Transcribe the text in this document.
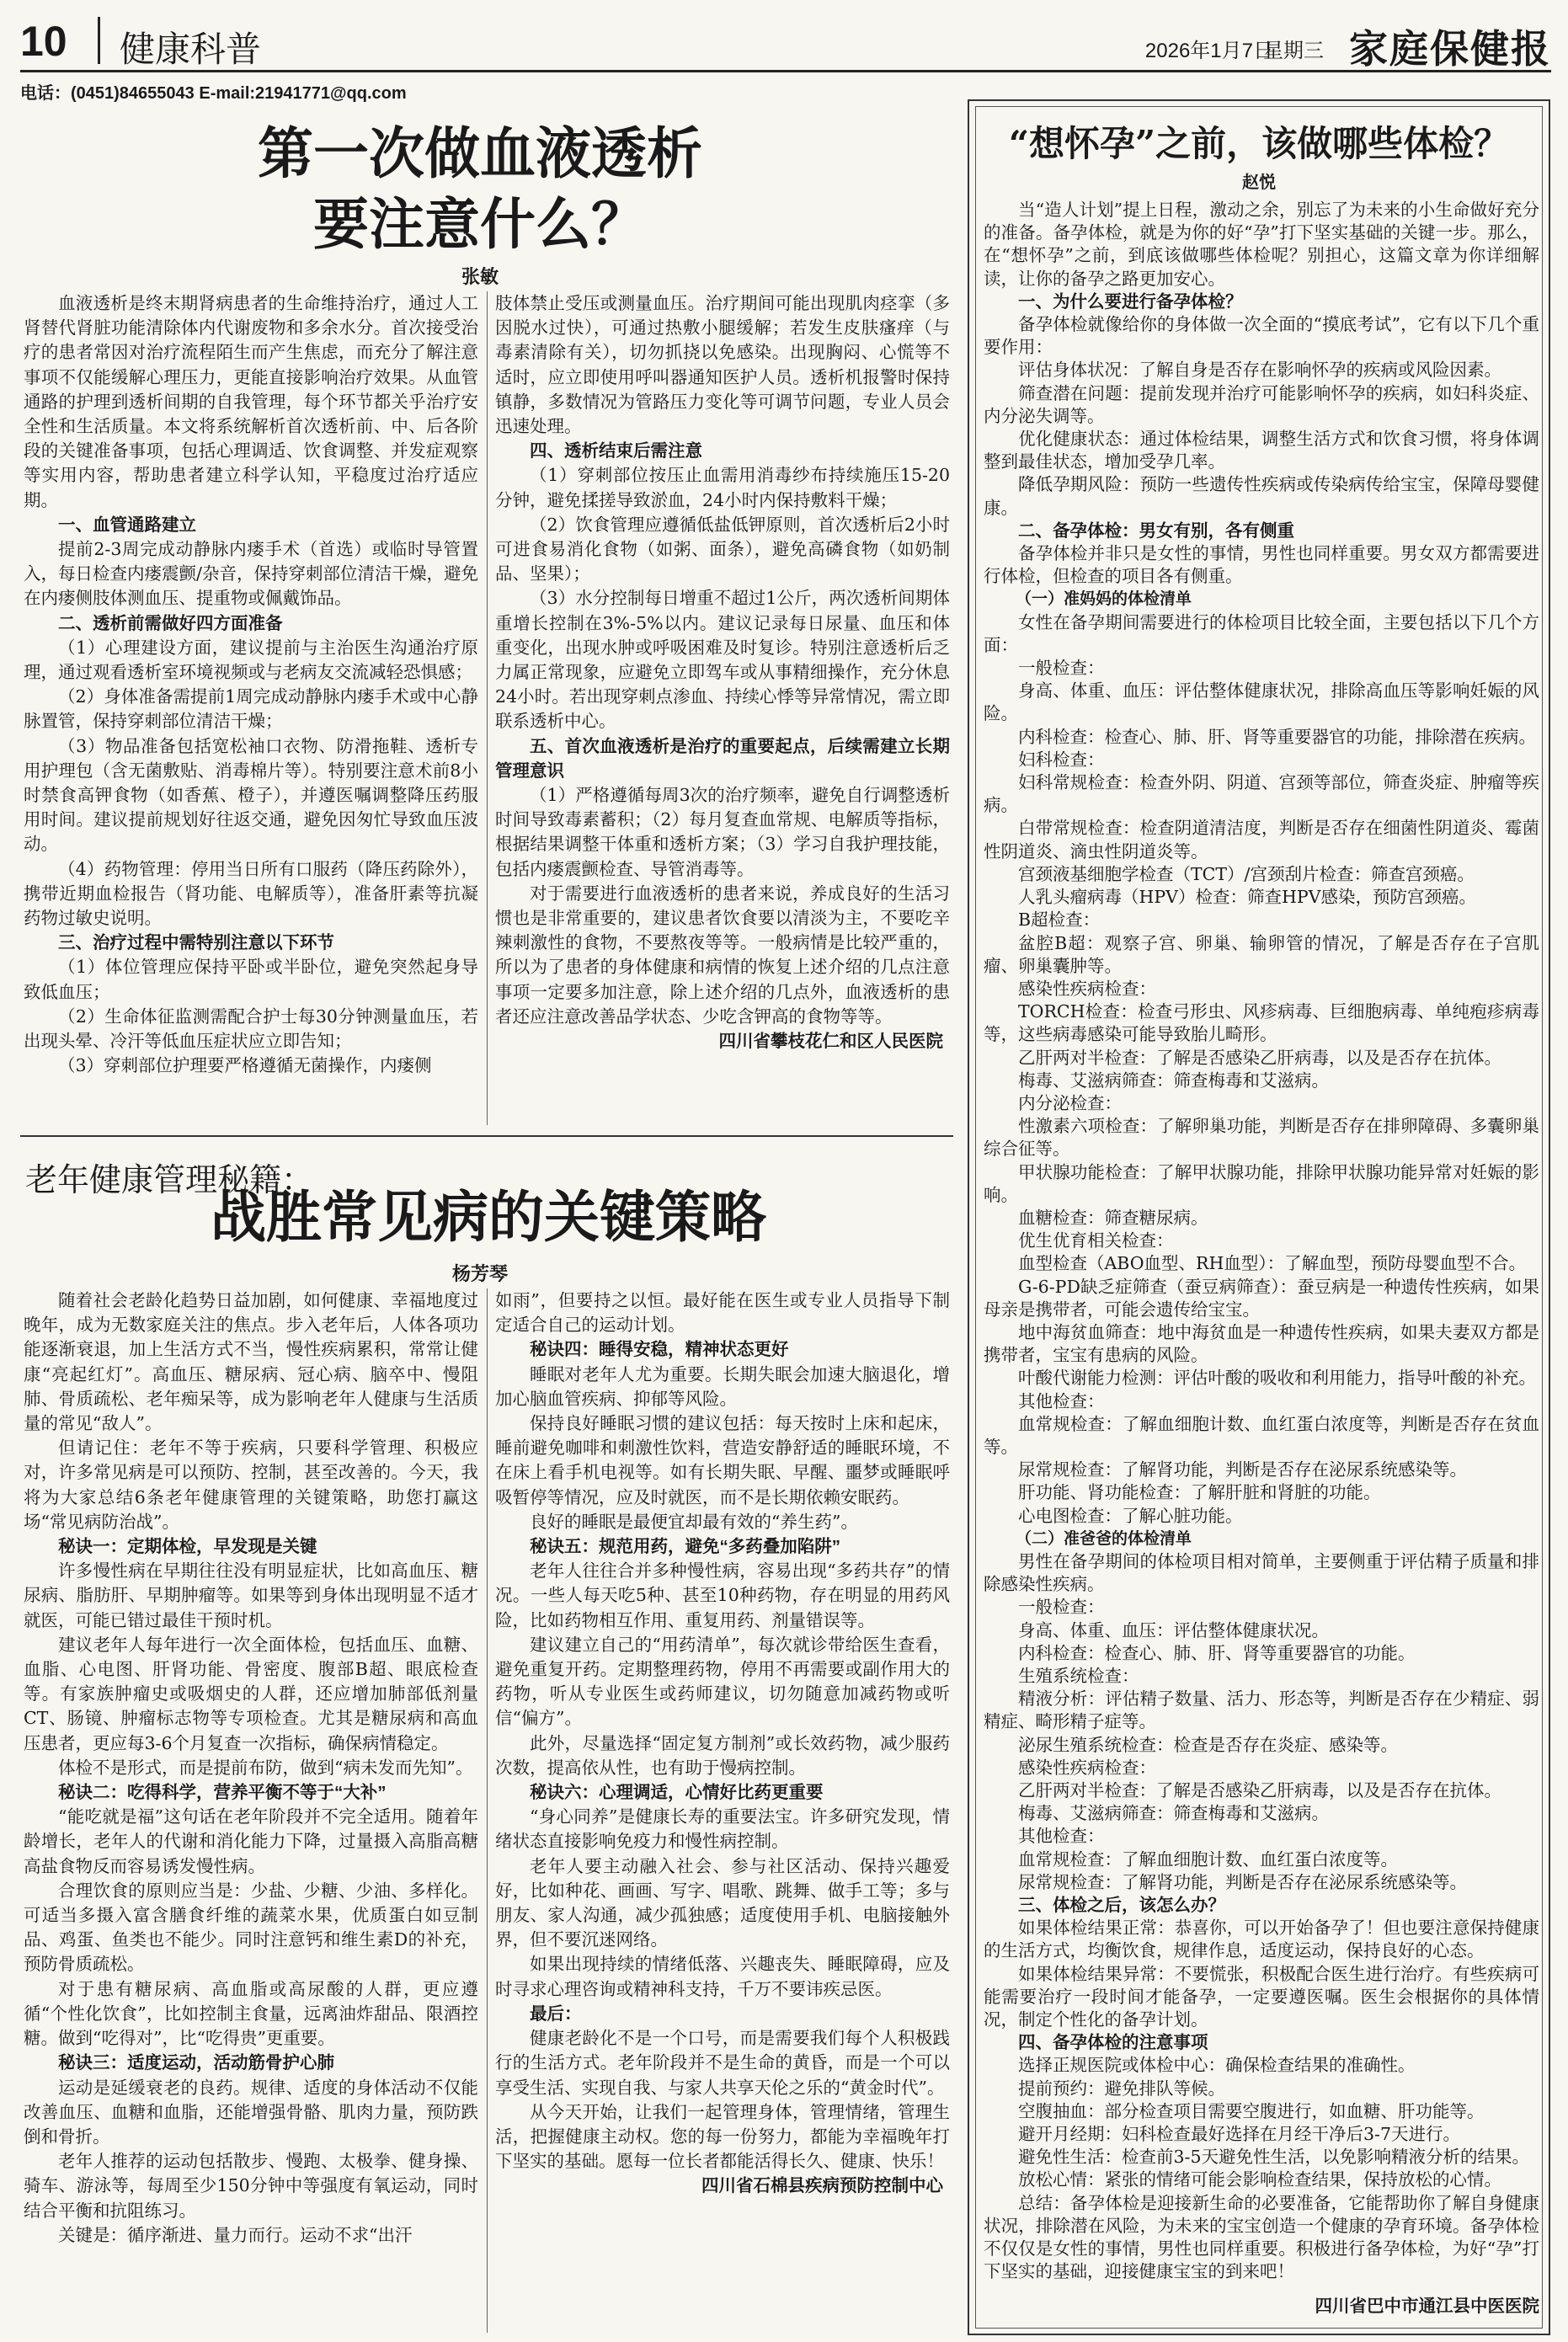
10 健康科普	2026年1月7日
星期三 家庭保健报
电话：(0451)84655043 E-mail:21941771@qq.com
第一次做血液透析
要注意什么？
张敏

血液透析是终末期肾病患者的生命维持治疗，通过人工肾替代肾脏功能清除体内代谢废物和多余水分。首次接受治疗的患者常因对治疗流程陌生而产生焦虑，而充分了解注意事项不仅能缓解心理压力，更能直接影响治疗效果。从血管通路的护理到透析间期的自我管理，每个环节都关乎治疗安全性和生活质量。本文将系统解析首次透析前、中、后各阶段的关键准备事项，包括心理调适、饮食调整、并发症观察等实用内容，帮助患者建立科学认知，平稳度过治疗适应期。

一、血管通路建立

提前2-3周完成动静脉内瘘手术（首选）或临时导管置入，每日检查内瘘震颤/杂音，保持穿刺部位清洁干燥，避免在内瘘侧肢体测血压、提重物或佩戴饰品。

二、透析前需做好四方面准备

（1）心理建设方面，建议提前与主治医生沟通治疗原理，通过观看透析室环境视频或与老病友交流减轻恐惧感；

（2）身体准备需提前1周完成动静脉内瘘手术或中心静脉置管，保持穿刺部位清洁干燥；

（3）物品准备包括宽松袖口衣物、防滑拖鞋、透析专用护理包（含无菌敷贴、消毒棉片等）。特别要注意术前8小时禁食高钾食物（如香蕉、橙子），并遵医嘱调整降压药服用时间。建议提前规划好往返交通，避免因匆忙导致血压波动。

（4）药物管理：停用当日所有口服药（降压药除外），携带近期血检报告（肾功能、电解质等），准备肝素等抗凝药物过敏史说明。

三、治疗过程中需特别注意以下环节

（1）体位管理应保持平卧或半卧位，避免突然起身导致低血压；

（2）生命体征监测需配合护士每30分钟测量血压，若出现头晕、冷汗等低血压症状应立即告知；

（3）穿刺部位护理要严格遵循无菌操作，内瘘侧

肢体禁止受压或测量血压。治疗期间可能出现肌肉痉挛（多因脱水过快），可通过热敷小腿缓解；若发生皮肤瘙痒（与毒素清除有关），切勿抓挠以免感染。出现胸闷、心慌等不适时，应立即使用呼叫器通知医护人员。透析机报警时保持镇静，多数情况为管路压力变化等可调节问题，专业人员会迅速处理。

四、透析结束后需注意

（1）穿刺部位按压止血需用消毒纱布持续施压15-20分钟，避免揉搓导致淤血，24小时内保持敷料干燥；

（2）饮食管理应遵循低盐低钾原则，首次透析后2小时可进食易消化食物（如粥、面条），避免高磷食物（如奶制品、坚果）；

（3）水分控制每日增重不超过1公斤，两次透析间期体重增长控制在3%-5%以内。建议记录每日尿量、血压和体重变化，出现水肿或呼吸困难及时复诊。特别注意透析后乏力属正常现象，应避免立即驾车或从事精细操作，充分休息24小时。若出现穿刺点渗血、持续心悸等异常情况，需立即联系透析中心。

五、首次血液透析是治疗的重要起点，后续需建立长期管理意识

（1）严格遵循每周3次的治疗频率，避免自行调整透析时间导致毒素蓄积；（2）每月复查血常规、电解质等指标，根据结果调整干体重和透析方案；（3）学习自我护理技能，包括内瘘震颤检查、导管消毒等。

对于需要进行血液透析的患者来说，养成良好的生活习惯也是非常重要的，建议患者饮食要以清淡为主，不要吃辛辣刺激性的食物，不要熬夜等等。一般病情是比较严重的，所以为了患者的身体健康和病情的恢复上述介绍的几点注意事项一定要多加注意，除上述介绍的几点外，血液透析的患者还应注意改善品学状态、少吃含钾高的食物等等。

四川省攀枝花仁和区人民医院

老年健康管理秘籍：
战胜常见病的关键策略
杨芳琴

随着社会老龄化趋势日益加剧，如何健康、幸福地度过晚年，成为无数家庭关注的焦点。步入老年后，人体各项功能逐渐衰退，加上生活方式不当，慢性疾病累积，常常让健康“亮起红灯”。高血压、糖尿病、冠心病、脑卒中、慢阻肺、骨质疏松、老年痴呆等，成为影响老年人健康与生活质量的常见“敌人”。

但请记住：老年不等于疾病，只要科学管理、积极应对，许多常见病是可以预防、控制，甚至改善的。今天，我将为大家总结6条老年健康管理的关键策略，助您打赢这场“常见病防治战”。

秘诀一：定期体检，早发现是关键

许多慢性病在早期往往没有明显症状，比如高血压、糖尿病、脂肪肝、早期肿瘤等。如果等到身体出现明显不适才就医，可能已错过最佳干预时机。

建议老年人每年进行一次全面体检，包括血压、血糖、血脂、心电图、肝肾功能、骨密度、腹部B超、眼底检查等。有家族肿瘤史或吸烟史的人群，还应增加肺部低剂量CT、肠镜、肿瘤标志物等专项检查。尤其是糖尿病和高血压患者，更应每3-6个月复查一次指标，确保病情稳定。

体检不是形式，而是提前布防，做到“病未发而先知”。

秘诀二：吃得科学，营养平衡不等于“大补”

“能吃就是福”这句话在老年阶段并不完全适用。随着年龄增长，老年人的代谢和消化能力下降，过量摄入高脂高糖高盐食物反而容易诱发慢性病。

合理饮食的原则应当是：少盐、少糖、少油、多样化。可适当多摄入富含膳食纤维的蔬菜水果，优质蛋白如豆制品、鸡蛋、鱼类也不能少。同时注意钙和维生素D的补充，预防骨质疏松。

对于患有糖尿病、高血脂或高尿酸的人群，更应遵循“个性化饮食”，比如控制主食量，远离油炸甜品、限酒控糖。做到“吃得对”，比“吃得贵”更重要。

秘诀三：适度运动，活动筋骨护心肺

运动是延缓衰老的良药。规律、适度的身体活动不仅能改善血压、血糖和血脂，还能增强骨骼、肌肉力量，预防跌倒和骨折。

老年人推荐的运动包括散步、慢跑、太极拳、健身操、骑车、游泳等，每周至少150分钟中等强度有氧运动，同时结合平衡和抗阻练习。

关键是：循序渐进、量力而行。运动不求“出汗

如雨”，但要持之以恒。最好能在医生或专业人员指导下制定适合自己的运动计划。

秘诀四：睡得安稳，精神状态更好

睡眠对老年人尤为重要。长期失眠会加速大脑退化，增加心脑血管疾病、抑郁等风险。

保持良好睡眠习惯的建议包括：每天按时上床和起床，睡前避免咖啡和刺激性饮料，营造安静舒适的睡眠环境，不在床上看手机电视等。如有长期失眠、早醒、噩梦或睡眠呼吸暂停等情况，应及时就医，而不是长期依赖安眠药。

良好的睡眠是最便宜却最有效的“养生药”。

秘诀五：规范用药，避免“多药叠加陷阱”

老年人往往合并多种慢性病，容易出现“多药共存”的情况。一些人每天吃5种、甚至10种药物，存在明显的用药风险，比如药物相互作用、重复用药、剂量错误等。

建议建立自己的“用药清单”，每次就诊带给医生查看，避免重复开药。定期整理药物，停用不再需要或副作用大的药物，听从专业医生或药师建议，切勿随意加减药物或听信“偏方”。

此外，尽量选择“固定复方制剂”或长效药物，减少服药次数，提高依从性，也有助于慢病控制。

秘诀六：心理调适，心情好比药更重要

“身心同养”是健康长寿的重要法宝。许多研究发现，情绪状态直接影响免疫力和慢性病控制。

老年人要主动融入社会、参与社区活动、保持兴趣爱好，比如种花、画画、写字、唱歌、跳舞、做手工等；多与朋友、家人沟通，减少孤独感；适度使用手机、电脑接触外界，但不要沉迷网络。

如果出现持续的情绪低落、兴趣丧失、睡眠障碍，应及时寻求心理咨询或精神科支持，千万不要讳疾忌医。

最后：

健康老龄化不是一个口号，而是需要我们每个人积极践行的生活方式。老年阶段并不是生命的黄昏，而是一个可以享受生活、实现自我、与家人共享天伦之乐的“黄金时代”。

从今天开始，让我们一起管理身体，管理情绪，管理生活，把握健康主动权。您的每一份努力，都能为幸福晚年打下坚实的基础。愿每一位长者都能活得长久、健康、快乐！

四川省石棉县疾病预防控制中心

“想怀孕”之前，该做哪些体检？
赵悦

当“造人计划”提上日程，激动之余，别忘了为未来的小生命做好充分的准备。备孕体检，就是为你的好“孕”打下坚实基础的关键一步。那么，在“想怀孕”之前，到底该做哪些体检呢？别担心，这篇文章为你详细解读，让你的备孕之路更加安心。

一、为什么要进行备孕体检？

备孕体检就像给你的身体做一次全面的“摸底考试”，它有以下几个重要作用：

评估身体状况：了解自身是否存在影响怀孕的疾病或风险因素。

筛查潜在问题：提前发现并治疗可能影响怀孕的疾病，如妇科炎症、内分泌失调等。

优化健康状态：通过体检结果，调整生活方式和饮食习惯，将身体调整到最佳状态，增加受孕几率。

降低孕期风险：预防一些遗传性疾病或传染病传给宝宝，保障母婴健康。

二、备孕体检：男女有别，各有侧重

备孕体检并非只是女性的事情，男性也同样重要。男女双方都需要进行体检，但检查的项目各有侧重。

（一）准妈妈的体检清单

女性在备孕期间需要进行的体检项目比较全面，主要包括以下几个方面：

一般检查：

身高、体重、血压：评估整体健康状况，排除高血压等影响妊娠的风险。

内科检查：检查心、肺、肝、肾等重要器官的功能，排除潜在疾病。

妇科检查：

妇科常规检查：检查外阴、阴道、宫颈等部位，筛查炎症、肿瘤等疾病。

白带常规检查：检查阴道清洁度，判断是否存在细菌性阴道炎、霉菌性阴道炎、滴虫性阴道炎等。

宫颈液基细胞学检查（TCT）/宫颈刮片检查：筛查宫颈癌。

人乳头瘤病毒（HPV）检查：筛查HPV感染，预防宫颈癌。

B超检查：

盆腔B超：观察子宫、卵巢、输卵管的情况，了解是否存在子宫肌瘤、卵巢囊肿等。

感染性疾病检查：

TORCH检查：检查弓形虫、风疹病毒、巨细胞病毒、单纯疱疹病毒等，这些病毒感染可能导致胎儿畸形。

乙肝两对半检查：了解是否感染乙肝病毒，以及是否存在抗体。

梅毒、艾滋病筛查：筛查梅毒和艾滋病。

内分泌检查：

性激素六项检查：了解卵巢功能，判断是否存在排卵障碍、多囊卵巢综合征等。

甲状腺功能检查：了解甲状腺功能，排除甲状腺功能异常对妊娠的影响。

血糖检查：筛查糖尿病。

优生优育相关检查：

血型检查（ABO血型、RH血型）：了解血型，预防母婴血型不合。

G-6-PD缺乏症筛查（蚕豆病筛查）：蚕豆病是一种遗传性疾病，如果母亲是携带者，可能会遗传给宝宝。

地中海贫血筛查：地中海贫血是一种遗传性疾病，如果夫妻双方都是携带者，宝宝有患病的风险。

叶酸代谢能力检测：评估叶酸的吸收和利用能力，指导叶酸的补充。

其他检查：

血常规检查：了解血细胞计数、血红蛋白浓度等，判断是否存在贫血等。

尿常规检查：了解肾功能，判断是否存在泌尿系统感染等。

肝功能、肾功能检查：了解肝脏和肾脏的功能。

心电图检查：了解心脏功能。

（二）准爸爸的体检清单

男性在备孕期间的体检项目相对简单，主要侧重于评估精子质量和排除感染性疾病。

一般检查：

身高、体重、血压：评估整体健康状况。

内科检查：检查心、肺、肝、肾等重要器官的功能。

生殖系统检查：

精液分析：评估精子数量、活力、形态等，判断是否存在少精症、弱精症、畸形精子症等。

泌尿生殖系统检查：检查是否存在炎症、感染等。

感染性疾病检查：

乙肝两对半检查：了解是否感染乙肝病毒，以及是否存在抗体。

梅毒、艾滋病筛查：筛查梅毒和艾滋病。

其他检查：

血常规检查：了解血细胞计数、血红蛋白浓度等。

尿常规检查：了解肾功能，判断是否存在泌尿系统感染等。

三、体检之后，该怎么办？

如果体检结果正常：恭喜你，可以开始备孕了！但也要注意保持健康的生活方式，均衡饮食，规律作息，适度运动，保持良好的心态。

如果体检结果异常：不要慌张，积极配合医生进行治疗。有些疾病可能需要治疗一段时间才能备孕，一定要遵医嘱。医生会根据你的具体情况，制定个性化的备孕计划。

四、备孕体检的注意事项

选择正规医院或体检中心：确保检查结果的准确性。

提前预约：避免排队等候。

空腹抽血：部分检查项目需要空腹进行，如血糖、肝功能等。

避开月经期：妇科检查最好选择在月经干净后3-7天进行。

避免性生活：检查前3-5天避免性生活，以免影响精液分析的结果。

放松心情：紧张的情绪可能会影响检查结果，保持放松的心情。

总结：备孕体检是迎接新生命的必要准备，它能帮助你了解自身健康状况，排除潜在风险，为未来的宝宝创造一个健康的孕育环境。备孕体检不仅仅是女性的事情，男性也同样重要。积极进行备孕体检，为好“孕”打下坚实的基础，迎接健康宝宝的到来吧！

四川省巴中市通江县中医医院
